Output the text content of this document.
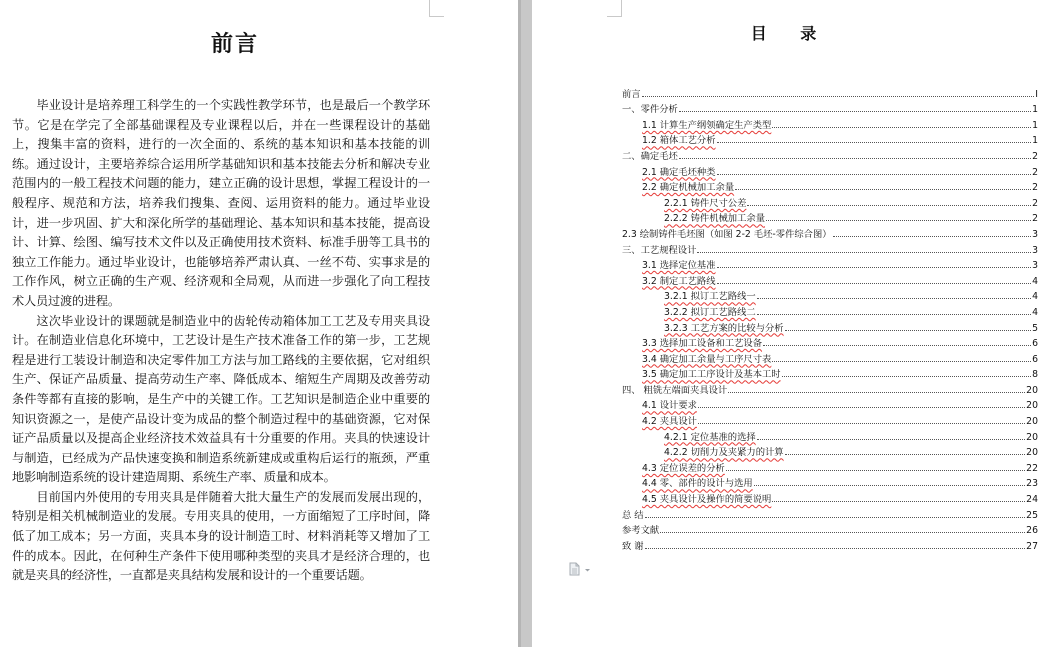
前言

毕业设计是培养理工科学生的一个实践性教学环节，也是最后一个教学环节。它是在学完了全部基础课程及专业课程以后，并在一些课程设计的基础上，搜集丰富的资料，进行的一次全面的、系统的基本知识和基本技能的训练。通过设计，主要培养综合运用所学基础知识和基本技能去分析和解决专业范围内的一般工程技术问题的能力，建立正确的设计思想，掌握工程设计的一般程序、规范和方法，培养我们搜集、查阅、运用资料的能力。通过毕业设计，进一步巩固、扩大和深化所学的基础理论、基本知识和基本技能，提高设计、计算、绘图、编写技术文件以及正确使用技术资料、标准手册等工具书的独立工作能力。通过毕业设计，也能够培养严肃认真、一丝不苟、实事求是的工作作风，树立正确的生产观、经济观和全局观，从而进一步强化了向工程技术人员过渡的进程。

这次毕业设计的课题就是制造业中的齿轮传动箱体加工工艺及专用夹具设计。在制造业信息化环境中，工艺设计是生产技术准备工作的第一步，工艺规程是进行工装设计制造和决定零件加工方法与加工路线的主要依据，它对组织生产、保证产品质量、提高劳动生产率、降低成本、缩短生产周期及改善劳动条件等都有直接的影响，是生产中的关键工作。工艺知识是制造企业中重要的知识资源之一，是使产品设计变为成品的整个制造过程中的基础资源，它对保证产品质量以及提高企业经济技术效益具有十分重要的作用。夹具的快速设计与制造，已经成为产品快速变换和制造系统新建成或重构后运行的瓶颈，严重地影响制造系统的设计建造周期、系统生产率、质量和成本。

目前国内外使用的专用夹具是伴随着大批大量生产的发展而发展出现的，特别是相关机械制造业的发展。专用夹具的使用，一方面缩短了工序时间，降低了加工成本；另一方面，夹具本身的设计制造工时、材料消耗等又增加了工件的成本。因此，在何种生产条件下使用哪种类型的夹具才是经济合理的，也就是夹具的经济性，一直都是夹具结构发展和设计的一个重要话题。

目 录
前言	I
一、零件分析	1
1.1 计算生产纲领确定生产类型	1
1.2 箱体工艺分析	1
二、确定毛坯	2
2.1 确定毛坯种类	2
2.2 确定机械加工余量	2
2.2.1 铸件尺寸公差	2
2.2.2 铸件机械加工余量	2
2.3 绘制铸件毛坯图（如图 2-2 毛坯-零件综合图）	3
三、工艺规程设计	3
3.1 选择定位基准	3
3.2 制定工艺路线	4
3.2.1 拟订工艺路线一	4
3.2.2 拟订工艺路线二	4
3.2.3 工艺方案的比较与分析	5
3.3 选择加工设备和工艺设备	6
3.4 确定加工余量与工序尺寸表	6
3.5 确定加工工序设计及基本工时	8
四、 粗铣左端面夹具设计	20
4.1 设计要求	20
4.2 夹具设计	20
4.2.1 定位基准的选择	20
4.2.2 切削力及夹紧力的计算	20
4.3 定位误差的分析	22
4.4 零、部件的设计与选用	23
4.5 夹具设计及操作的简要说明	24
总 结	25
参考文献	26
致 谢	27
